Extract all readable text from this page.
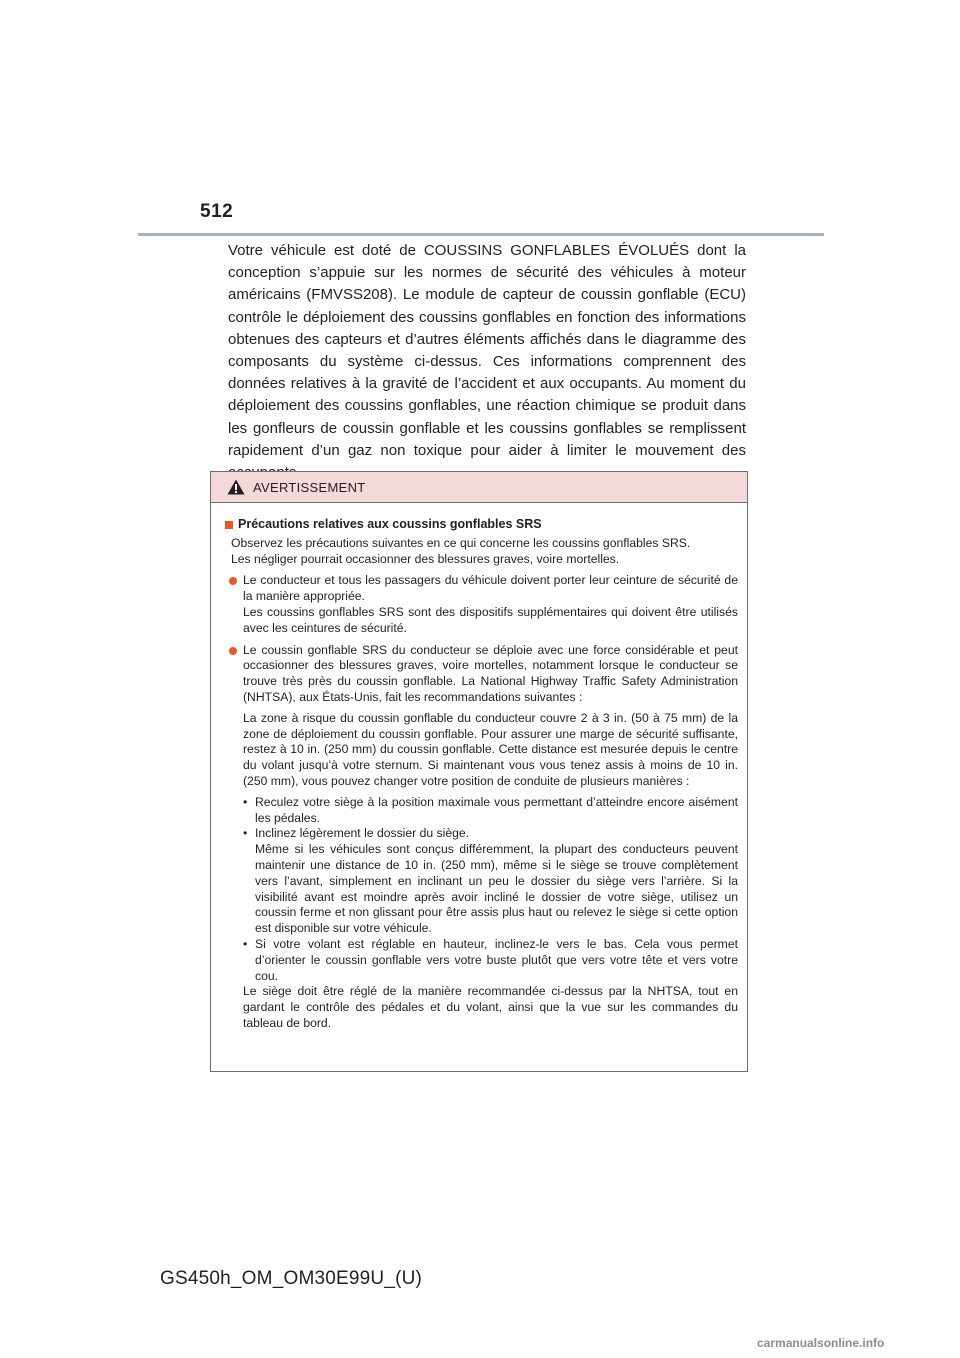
512

Votre véhicule est doté de COUSSINS GONFLABLES ÉVOLUÉS dont la conception s’appuie sur les normes de sécurité des véhicules à moteur américains (FMVSS208). Le module de capteur de coussin gonflable (ECU) contrôle le déploiement des coussins gonflables en fonction des informations obtenues des capteurs et d’autres éléments affichés dans le diagramme des composants du système ci-dessus. Ces informations comprennent des données relatives à la gravité de l’accident et aux occupants. Au moment du déploiement des coussins gonflables, une réaction chimique se produit dans les gonfleurs de coussin gonflable et les coussins gonflables se remplissent rapidement d’un gaz non toxique pour aider à limiter le mouvement des

AVERTISSEMENT
Précautions relatives aux coussins gonflables SRS

Observez les précautions suivantes en ce qui concerne les coussins gonflables SRS.

Les négliger pourrait occasionner des blessures graves, voire mortelles.

Le conducteur et tous les passagers du véhicule doivent porter leur ceinture de sécurité de la manière appropriée.

Les coussins gonflables SRS sont des dispositifs supplémentaires qui doivent être utilisés avec les ceintures de sécurité.

Le coussin gonflable SRS du conducteur se déploie avec une force considérable et peut occasionner des blessures graves, voire mortelles, notamment lorsque le conducteur se trouve très près du coussin gonflable. La National Highway Traffic Safety Administration (NHTSA), aux États-Unis, fait les recommandations suivantes :

La zone à risque du coussin gonflable du conducteur couvre 2 à 3 in. (50 à 75 mm) de la zone de déploiement du coussin gonflable. Pour assurer une marge de sécurité suffisante, restez à 10 in. (250 mm) du coussin gonflable. Cette distance est mesurée depuis le centre du volant jusqu’à votre sternum. Si maintenant vous vous tenez assis à moins de 10 in. (250 mm), vous pouvez changer votre position de conduite de plusieurs manières :

• Reculez votre siège à la position maximale vous permettant d’atteindre encore aisément les pédales.

• Inclinez légèrement le dossier du siège.

Même si les véhicules sont conçus différemment, la plupart des conducteurs peuvent maintenir une distance de 10 in. (250 mm), même si le siège se trouve complètement vers l’avant, simplement en inclinant un peu le dossier du siège vers l’arrière. Si la visibilité avant est moindre après avoir incliné le dossier de votre siège, utilisez un coussin ferme et non glissant pour être assis plus haut ou relevez le siège si cette option est disponible sur votre véhicule.

• Si votre volant est réglable en hauteur, inclinez-le vers le bas. Cela vous permet d’orienter le coussin gonflable vers votre buste plutôt que vers votre tête et vers votre cou.

Le siège doit être réglé de la manière recommandée ci-dessus par la NHTSA, tout en gardant le contrôle des pédales et du volant, ainsi que la vue sur les commandes du tableau de bord.

GS450h_OM_OM30E99U_(U)
carmanualsonline.info
